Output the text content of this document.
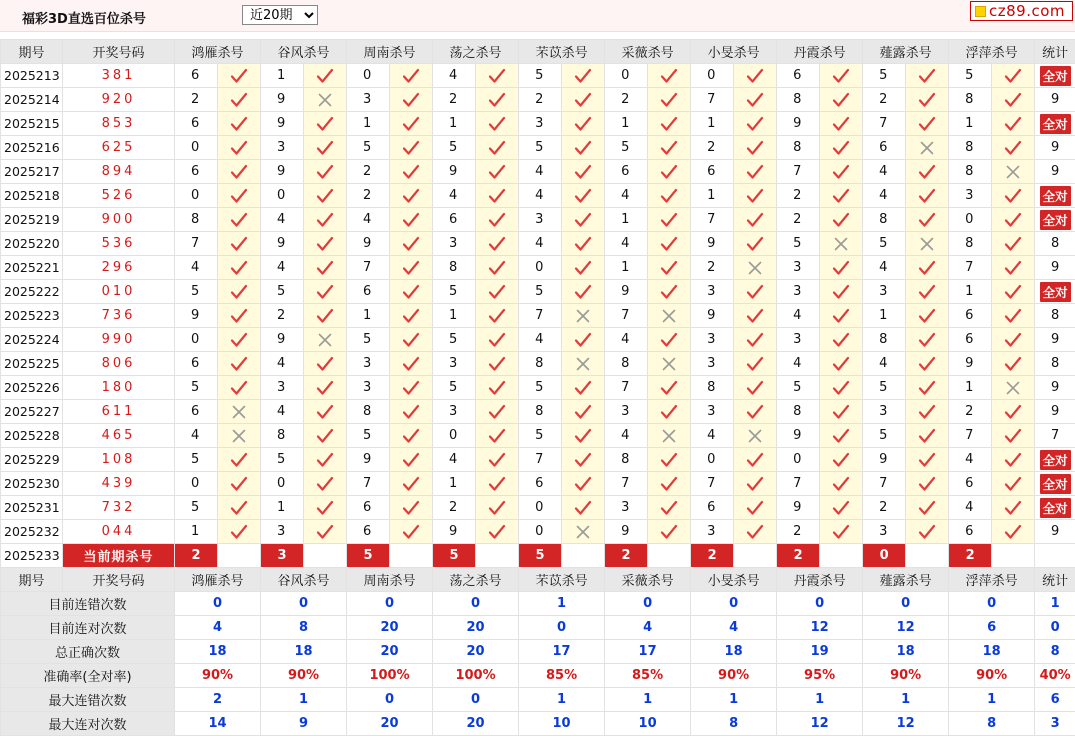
福彩3D直选百位杀号
近20期	cz89.com
期号	开奖号码	鸿雁杀号		谷风杀号		周南杀号		荡之杀号		芣苡杀号		采薇杀号		小旻杀号		丹霞杀号		薤露杀号		浮萍杀号		统计
2025213	381	6		1		0		4		5		0		0		6		5		5		全对
2025214	920	2		9		3		2		2		2		7		8		2		8		9
2025215	853	6		9		1		1		3		1		1		9		7		1		全对
2025216	625	0		3		5		5		5		5		2		8		6		8		9
2025217	894	6		9		2		9		4		6		6		7		4		8		9
2025218	526	0		0		2		4		4		4		1		2		4		3		全对
2025219	900	8		4		4		6		3		1		7		2		8		0		全对
2025220	536	7		9		9		3		4		4		9		5		5		8		8
2025221	296	4		4		7		8		0		1		2		3		4		7		9
2025222	010	5		5		6		5		5		9		3		3		3		1		全对
2025223	736	9		2		1		1		7		7		9		4		1		6		8
2025224	990	0		9		5		5		4		4		3		3		8		6		9
2025225	806	6		4		3		3		8		8		3		4		4		9		8
2025226	180	5		3		3		5		5		7		8		5		5		1		9
2025227	611	6		4		8		3		8		3		3		8		3		2		9
2025228	465	4		8		5		0		5		4		4		9		5		7		7
2025229	108	5		5		9		4		7		8		0		0		9		4		全对
2025230	439	0		0		7		1		6		7		7		7		7		6		全对
2025231	732	5		1		6		2		0		3		6		9		2		4		全对
2025232	044	1		3		6		9		0		9		3		2		3		6		9
2025233	当前期杀号	2		3		5		5		5		2		2		2		0		2		
期号	开奖号码	鸿雁杀号		谷风杀号		周南杀号		荡之杀号		芣苡杀号		采薇杀号		小旻杀号		丹霞杀号		薤露杀号		浮萍杀号		统计
目前连错次数		0		0		0		0		1		0		0		0		0		0		1
目前连对次数		4		8		20		20		0		4		4		12		12		6		0
总正确次数		18		18		20		20		17		17		18		19		18		18		8
准确率(全对率)		90%		90%		100%		100%		85%		85%		90%		95%		90%		90%		40%
最大连错次数		2		1		0		0		1		1		1		1		1		1		6
最大连对次数		14		9		20		20		10		10		8		12		12		8		3
